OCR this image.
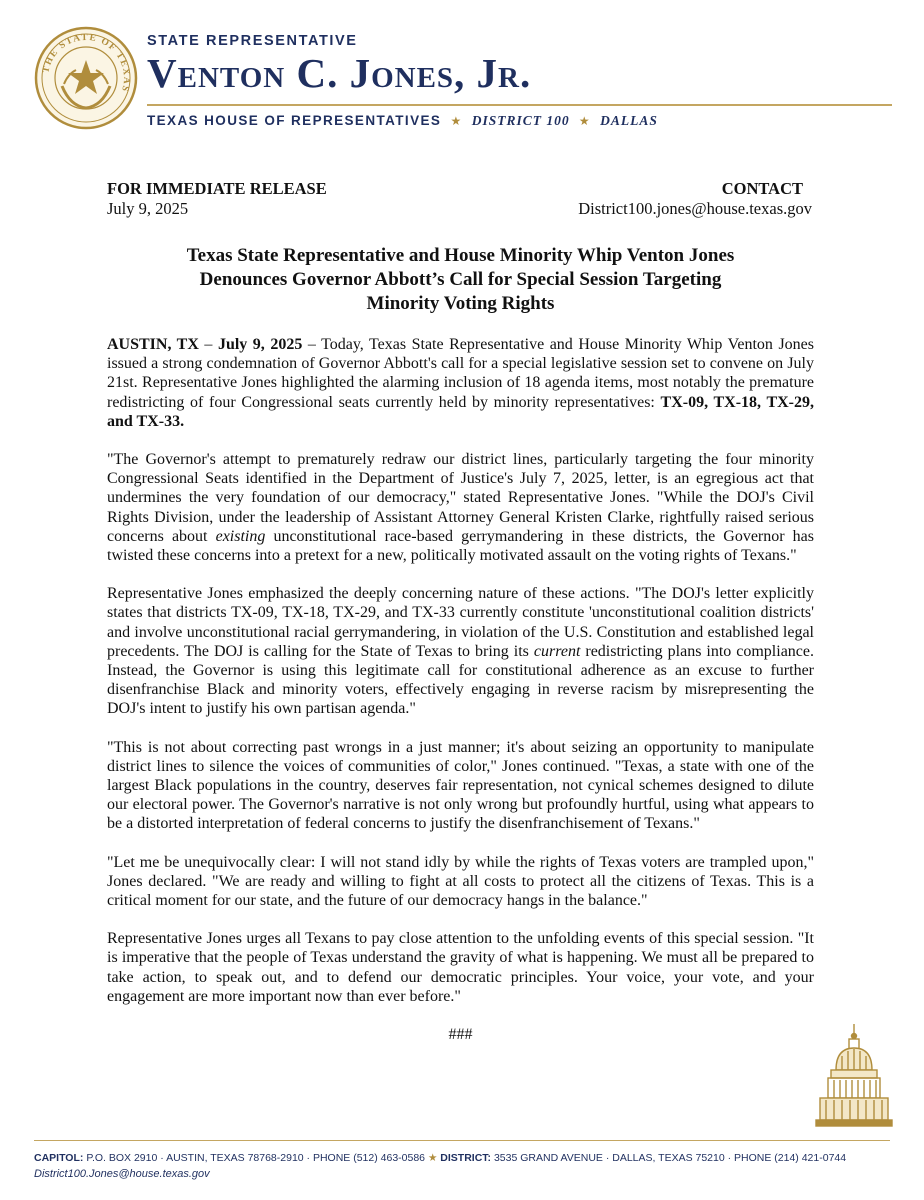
THE STATE OF TEXAS
STATE REPRESENTATIVE
Venton C. Jones, Jr.
TEXAS HOUSE OF REPRESENTATIVES ★ DISTRICT 100 ★ DALLAS
FOR IMMEDIATE RELEASE
July 9, 2025
CONTACT
District100.jones@house.texas.gov
Texas State Representative and House Minority Whip Venton Jones
Denounces Governor Abbott’s Call for Special Session Targeting
Minority Voting Rights

AUSTIN, TX – July 9, 2025 – Today, Texas State Representative and House Minority Whip Venton Jones issued a strong condemnation of Governor Abbott's call for a special legislative session set to convene on July 21st. Representative Jones highlighted the alarming inclusion of 18 agenda items, most notably the premature redistricting of four Congressional seats currently held by minority representatives: TX-09, TX-18, TX-29, and TX-33.

"The Governor's attempt to prematurely redraw our district lines, particularly targeting the four minority Congressional Seats identified in the Department of Justice's July 7, 2025, letter, is an egregious act that undermines the very foundation of our democracy," stated Representative Jones. "While the DOJ's Civil Rights Division, under the leadership of Assistant Attorney General Kristen Clarke, rightfully raised serious concerns about existing unconstitutional race-based gerrymandering in these districts, the Governor has twisted these concerns into a pretext for a new, politically motivated assault on the voting rights of Texans."

Representative Jones emphasized the deeply concerning nature of these actions. "The DOJ's letter explicitly states that districts TX-09, TX-18, TX-29, and TX-33 currently constitute 'unconstitutional coalition districts' and involve unconstitutional racial gerrymandering, in violation of the U.S. Constitution and established legal precedents. The DOJ is calling for the State of Texas to bring its current redistricting plans into compliance. Instead, the Governor is using this legitimate call for constitutional adherence as an excuse to further disenfranchise Black and minority voters, effectively engaging in reverse racism by misrepresenting the DOJ's intent to justify his own partisan agenda."

"This is not about correcting past wrongs in a just manner; it's about seizing an opportunity to manipulate district lines to silence the voices of communities of color," Jones continued. "Texas, a state with one of the largest Black populations in the country, deserves fair representation, not cynical schemes designed to dilute our electoral power. The Governor's narrative is not only wrong but profoundly hurtful, using what appears to be a distorted interpretation of federal concerns to justify the disenfranchisement of Texans."

"Let me be unequivocally clear: I will not stand idly by while the rights of Texas voters are trampled upon," Jones declared. "We are ready and willing to fight at all costs to protect all the citizens of Texas. This is a critical moment for our state, and the future of our democracy hangs in the balance."

Representative Jones urges all Texans to pay close attention to the unfolding events of this special session. "It is imperative that the people of Texas understand the gravity of what is happening. We must all be prepared to take action, to speak out, and to defend our democratic principles. Your voice, your vote, and your engagement are more important now than ever before."

###
CAPITOL: P.O. BOX 2910 · AUSTIN, TEXAS 78768-2910 · PHONE (512) 463-0586 ★ DISTRICT: 3535 GRAND AVENUE · DALLAS, TEXAS 75210 · PHONE (214) 421-0744
District100.Jones@house.texas.gov
